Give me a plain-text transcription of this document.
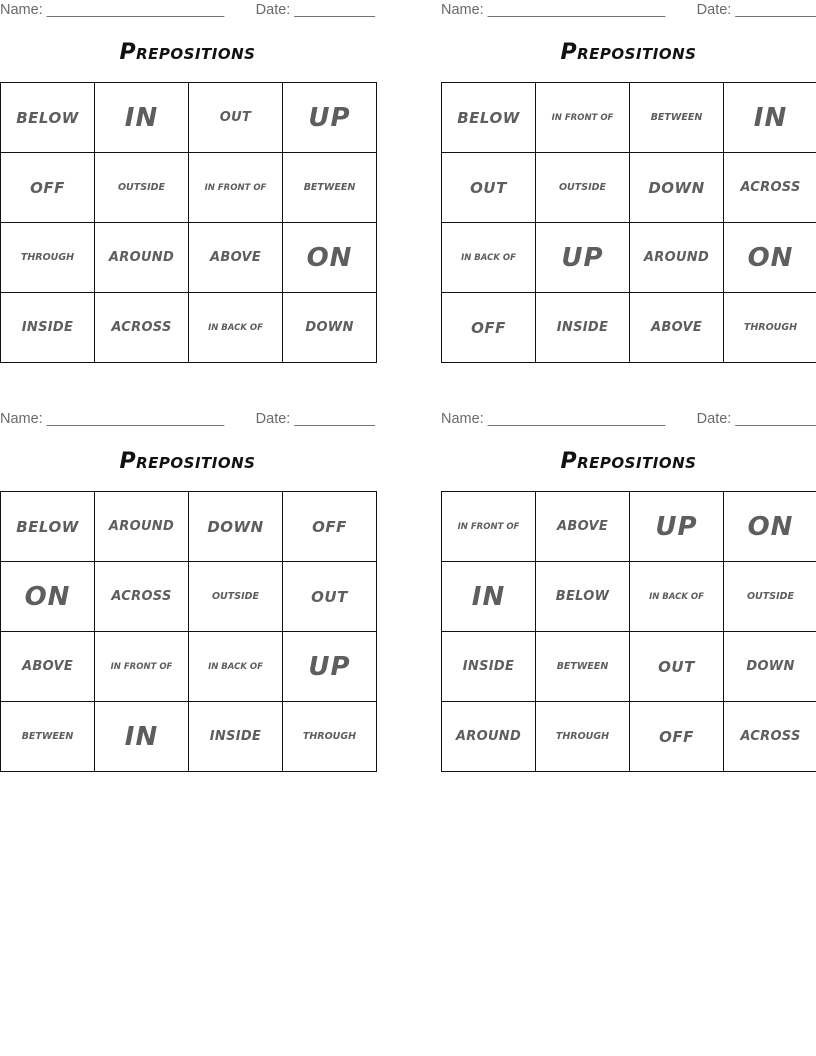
Name: ______________________ Date: __________
Prepositions
BELOW	IN	OUT	UP
OFF	OUTSIDE	IN FRONT OF	BETWEEN
THROUGH	AROUND	ABOVE	ON
INSIDE	ACROSS	IN BACK OF	DOWN
Name: ______________________ Date: __________
Prepositions
BELOW	IN FRONT OF	BETWEEN	IN
OUT	OUTSIDE	DOWN	ACROSS
IN BACK OF	UP	AROUND	ON
OFF	INSIDE	ABOVE	THROUGH
Name: ______________________ Date: __________
Prepositions
BELOW	AROUND	DOWN	OFF
ON	ACROSS	OUTSIDE	OUT
ABOVE	IN FRONT OF	IN BACK OF	UP
BETWEEN	IN	INSIDE	THROUGH
Name: ______________________ Date: __________
Prepositions
IN FRONT OF	ABOVE	UP	ON
IN	BELOW	IN BACK OF	OUTSIDE
INSIDE	BETWEEN	OUT	DOWN
AROUND	THROUGH	OFF	ACROSS
